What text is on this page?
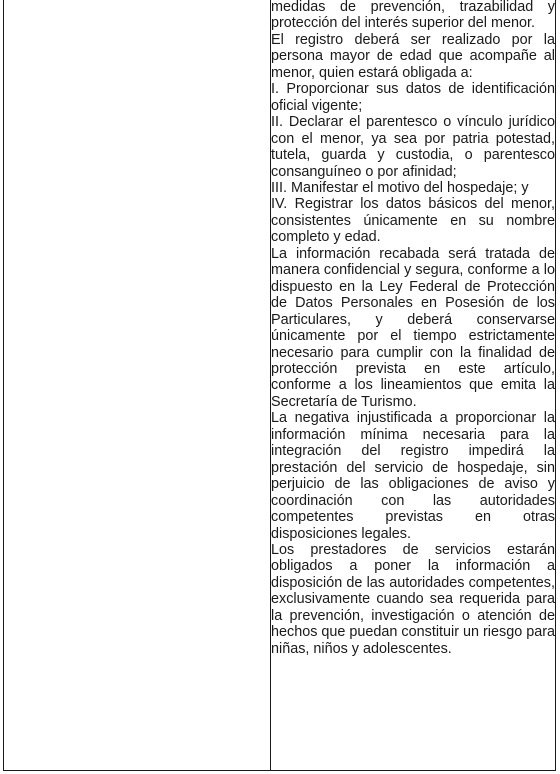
medidas de prevención, trazabilidad y protección del interés superior del menor.

El registro deberá ser realizado por la persona mayor de edad que acompañe al menor, quien estará obligada a:

I. Proporcionar sus datos de identificación oficial vigente;

II. Declarar el parentesco o vínculo jurídico con el menor, ya sea por patria potestad, tutela, guarda y custodia, o parentesco consanguíneo o por afinidad;

III. Manifestar el motivo del hospedaje; y

IV. Registrar los datos básicos del menor, consistentes únicamente en su nombre completo y edad.

La información recabada será tratada de manera confidencial y segura, conforme a lo dispuesto en la Ley Federal de Protección de Datos Personales en Posesión de los Particulares, y deberá conservarse únicamente por el tiempo estrictamente necesario para cumplir con la finalidad de protección prevista en este artículo, conforme a los lineamientos que emita la Secretaría de Turismo.

La negativa injustificada a proporcionar la información mínima necesaria para la integración del registro impedirá la prestación del servicio de hospedaje, sin perjuicio de las obligaciones de aviso y coordinación con las autoridades competentes previstas en otras disposiciones legales.

Los prestadores de servicios estarán obligados a poner la información a disposición de las autoridades competentes, exclusivamente cuando sea requerida para la prevención, investigación o atención de hechos que puedan constituir un riesgo para niñas, niños y adolescentes.
